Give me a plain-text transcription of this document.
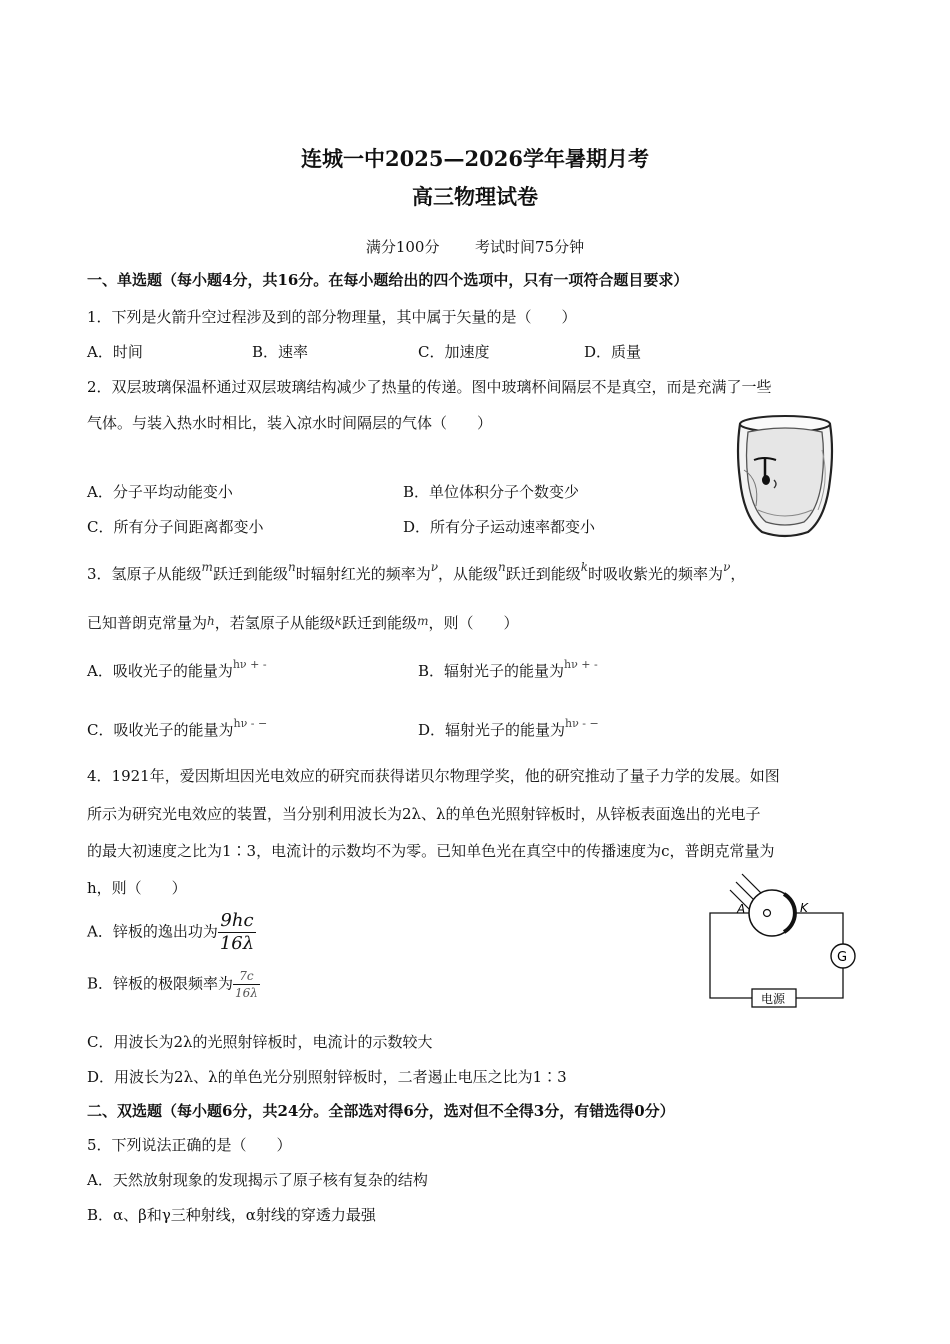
连城一中2025—2026学年暑期月考
高三物理试卷
满分100分 考试时间75分钟
一、单选题（每小题4分，共16分。在每小题给出的四个选项中，只有一项符合题目要求）
1．下列是火箭升空过程涉及到的部分物理量，其中属于矢量的是（　　）
A．时间	B．速率	C．加速度	D．质量
2．双层玻璃保温杯通过双层玻璃结构减少了热量的传递。图中玻璃杯间隔层不是真空，而是充满了一些
气体。与装入热水时相比，装入凉水时间隔层的气体（　　）
A．分子平均动能变小	B．单位体积分子个数变少
C．所有分子间距离都变小	D．所有分子运动速率都变小
3．氢原子从能级$^m$跃迁到能级$^n$时辐射红光的频率为$^\nu$，从能级$^n$跃迁到能级$^k$时吸收紫光的频率为$^\nu$，
已知普朗克常量为$^h$，若氢原子从能级$^k$跃迁到能级$^m$，则（　　）
A．吸收光子的能量为$^{h\nu + -}$	B．辐射光子的能量为$^{h\nu + -}$
C．吸收光子的能量为$^{h\nu - -}$	D．辐射光子的能量为$^{h\nu - -}$
4．1921年，爱因斯坦因光电效应的研究而获得诺贝尔物理学奖，他的研究推动了量子力学的发展。如图
所示为研究光电效应的装置，当分别利用波长为2λ、λ的单色光照射锌板时，从锌板表面逸出的光电子
的最大初速度之比为1∶3，电流计的示数均不为零。已知单色光在真空中的传播速度为c，普朗克常量为
h，则（　　）
A．锌板的逸出功为 $\frac{9hc}{16\lambda}$
B．锌板的极限频率为 $\frac{7c}{16\lambda}$
C．用波长为2λ的光照射锌板时，电流计的示数较大
D．用波长为2λ、λ的单色光分别照射锌板时，二者遏止电压之比为1∶3
A	K
G
电源
二、双选题（每小题6分，共24分。全部选对得6分，选对但不全得3分，有错选得0分）
5．下列说法正确的是（　　）
A．天然放射现象的发现揭示了原子核有复杂的结构
B．α、β和γ三种射线，α射线的穿透力最强
